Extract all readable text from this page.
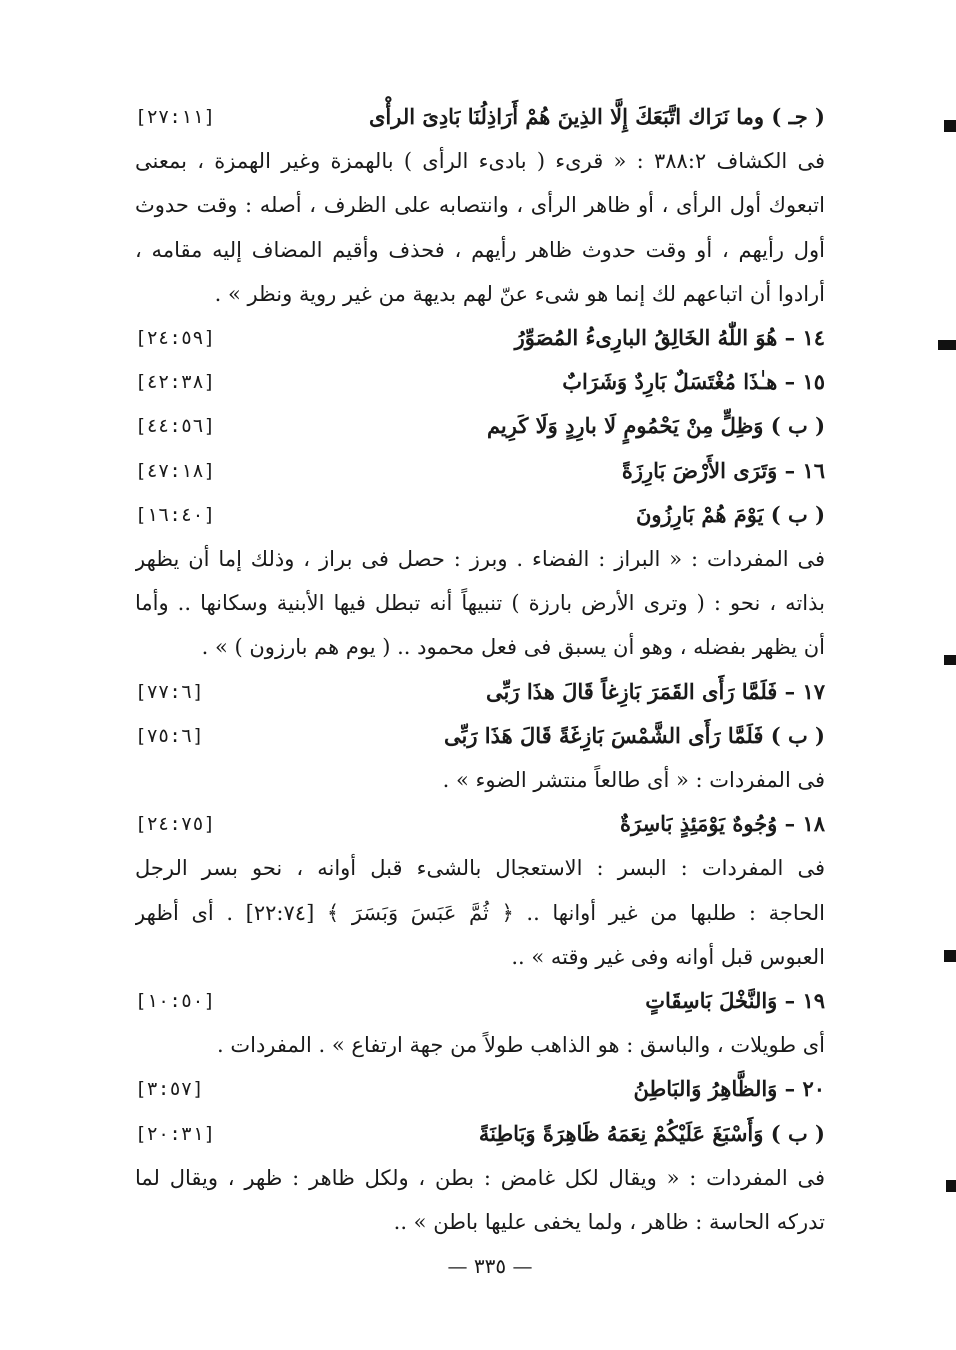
( جـ ) وما نَرَاك اتَّبَعَكَ إِلَّا الذِينَ هُمْ أَرَاذِلُنَا بَادِىَ الرأْى
[٢٧:١١]
فى الكشاف ٣٨٨:٢ : « قرىء ( بادىء الرأى ) بالهمزة وغير الهمزة ، بمعنى
اتبعوك أول الرأى ، أو ظاهر الرأى ، وانتصابه على الظرف ، أصله : وقت حدوث
أول رأيهم ، أو وقت حدوث ظاهر رأيهم ، فحذف وأقيم المضاف إليه مقامه ،
أرادوا أن اتباعهم لك إنما هو شىء عنّ لهم بديهة من غير روية ونظر » .
١٤ – هُوَ اللّٰهُ الخَالِقُ البارِىءُ المُصَوِّرُ
[٢٤:٥٩]
١٥ – هـٰذَا مُغْتَسَلٌ بَارِدٌ وَشَرَابٌ
[٤٢:٣٨]
( ب ) وَظِلٍّ مِنْ يَحْمُومٍ لَا بارِدٍ وَلَا كَرِيم
[٤٤:٥٦]
١٦ – وَتَرَى الأَرْضَ بَارِزَةً
[٤٧:١٨]
( ب ) يَوْمَ هُمْ بَارِزُونَ
[١٦:٤٠]
فى المفردات : « البراز : الفضاء . وبرز : حصل فى براز ، وذلك إما أن يظهر
بذاته ، نحو : ( وترى الأرض بارزة ) تنبيهاً أنه تبطل فيها الأبنية وسكانها .. وأما
أن يظهر بفضله ، وهو أن يسبق فى فعل محمود .. ( يوم هم بارزون ) » .
١٧ – فَلَمَّا رَأَى القَمَرَ بَازِغاً قَالَ هذَا رَبِّى
[٧٧:٦]
( ب ) فَلَمَّا رَأَى الشَّمْسَ بَازِغَةً قَالَ هَذَا رَبِّى
[٧٥:٦]
فى المفردات : « أى طالعاً منتشر الضوء » .
١٨ – وُجُوهٌ يَوْمَئِذٍ بَاسِرَةٌ
[٢٤:٧٥]
فى المفردات : البسر : الاستعجال بالشىء قبل أوانه ، نحو بسر الرجل
الحاجة : طلبها من غير أوانها .. ﴿ ثُمَّ عَبَسَ وَبَسَرَ ﴾ [٢٢:٧٤] . أى أظهر
العبوس قبل أوانه وفى غير وقته » ..
١٩ – وَالنَّخْلَ بَاسِقَاتٍ
[١٠:٥٠]
أى طويلات ، والباسق : هو الذاهب طولاً من جهة ارتفاع » . المفردات .
٢٠ – وَالظَّاهِرُ وَالبَاطِنُ
[٣:٥٧]
( ب ) وَأَسْبَغَ عَلَيْكُمْ نِعَمَهُ ظَاهِرَةً وَبَاطِنَةً
[٢٠:٣١]
فى المفردات : « ويقال لكل غامض : بطن ، ولكل ظاهر : ظهر ، ويقال لما
تدركه الحاسة : ظاهر ، ولما يخفى عليها باطن » ..
— ٣٣٥ —
